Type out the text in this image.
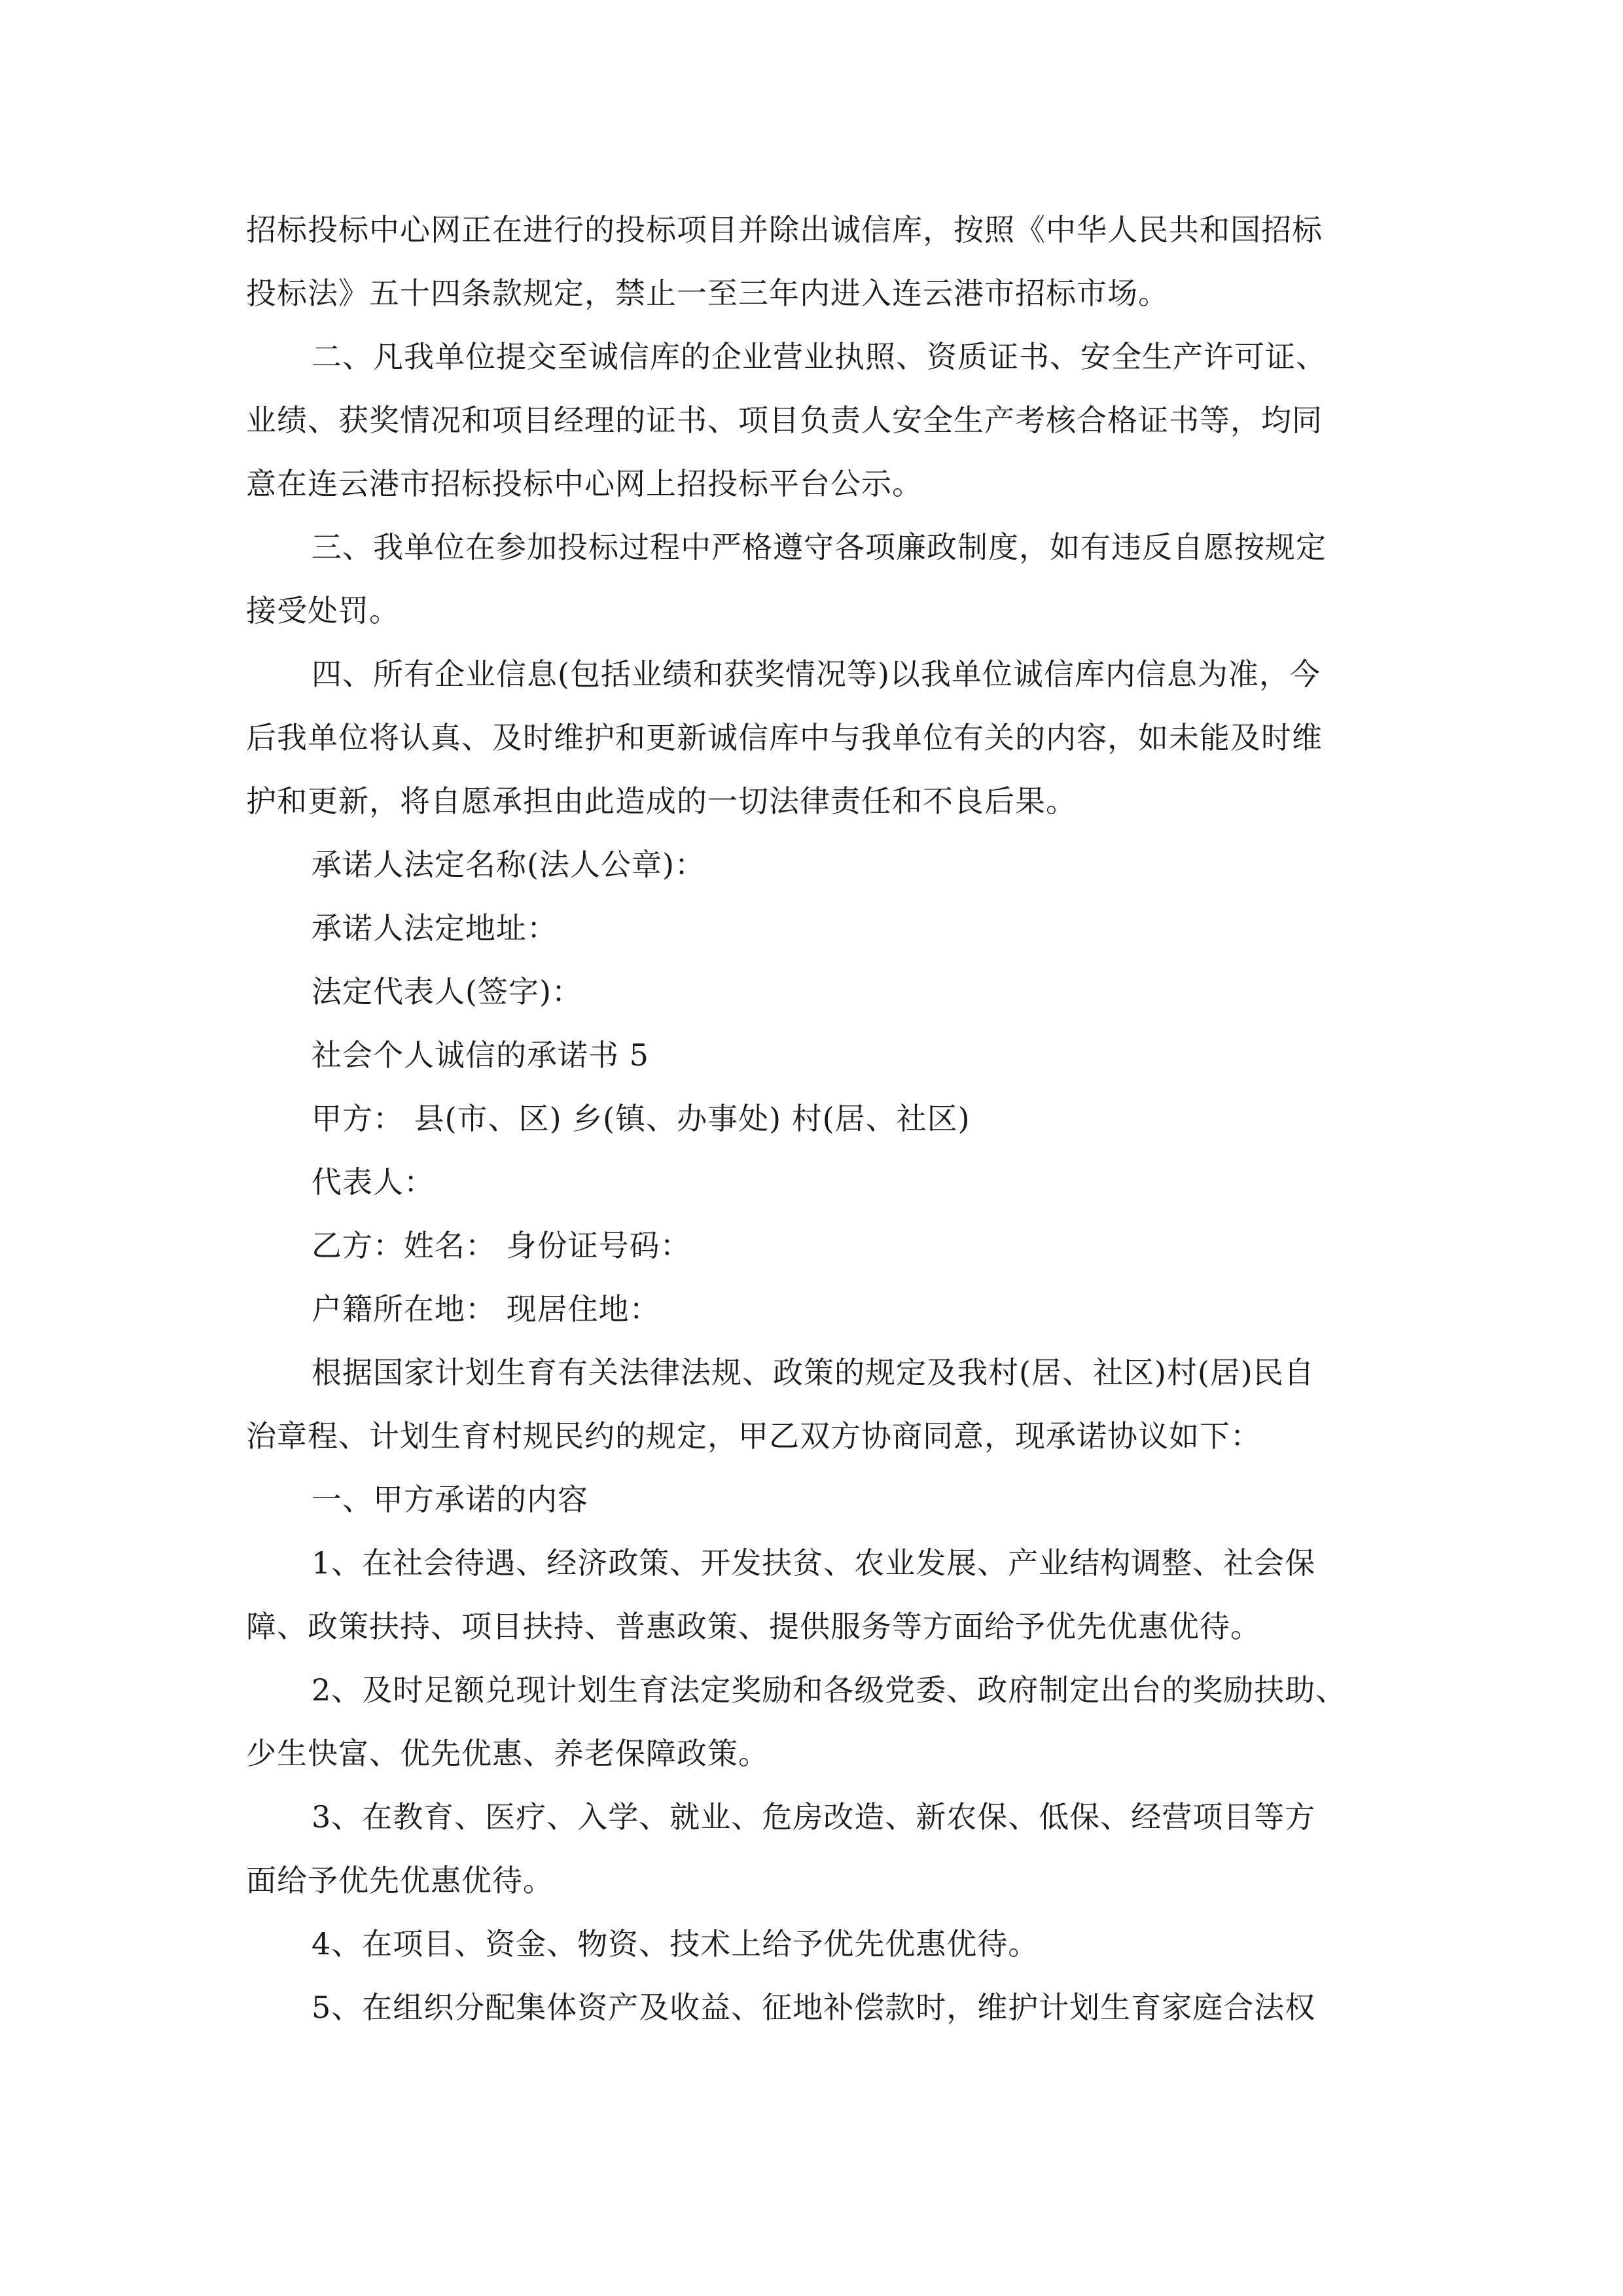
招标投标中心网正在进行的投标项目并除出诚信库，按照《中华人民共和国招标
投标法》五十四条款规定，禁止一至三年内进入连云港市招标市场。
二、凡我单位提交至诚信库的企业营业执照、资质证书、安全生产许可证、
业绩、获奖情况和项目经理的证书、项目负责人安全生产考核合格证书等，均同
意在连云港市招标投标中心网上招投标平台公示。
三、我单位在参加投标过程中严格遵守各项廉政制度，如有违反自愿按规定
接受处罚。
四、所有企业信息(包括业绩和获奖情况等)以我单位诚信库内信息为准，今
后我单位将认真、及时维护和更新诚信库中与我单位有关的内容，如未能及时维
护和更新，将自愿承担由此造成的一切法律责任和不良后果。
承诺人法定名称(法人公章)：
承诺人法定地址：
法定代表人(签字)：
社会个人诚信的承诺书 5
甲方： 县(市、区) 乡(镇、办事处) 村(居、社区)
代表人：
乙方：姓名： 身份证号码：
户籍所在地： 现居住地：
根据国家计划生育有关法律法规、政策的规定及我村(居、社区)村(居)民自
治章程、计划生育村规民约的规定，甲乙双方协商同意，现承诺协议如下：
一、甲方承诺的内容
1、在社会待遇、经济政策、开发扶贫、农业发展、产业结构调整、社会保
障、政策扶持、项目扶持、普惠政策、提供服务等方面给予优先优惠优待。
2、及时足额兑现计划生育法定奖励和各级党委、政府制定出台的奖励扶助、
少生快富、优先优惠、养老保障政策。
3、在教育、医疗、入学、就业、危房改造、新农保、低保、经营项目等方
面给予优先优惠优待。
4、在项目、资金、物资、技术上给予优先优惠优待。
5、在组织分配集体资产及收益、征地补偿款时，维护计划生育家庭合法权
